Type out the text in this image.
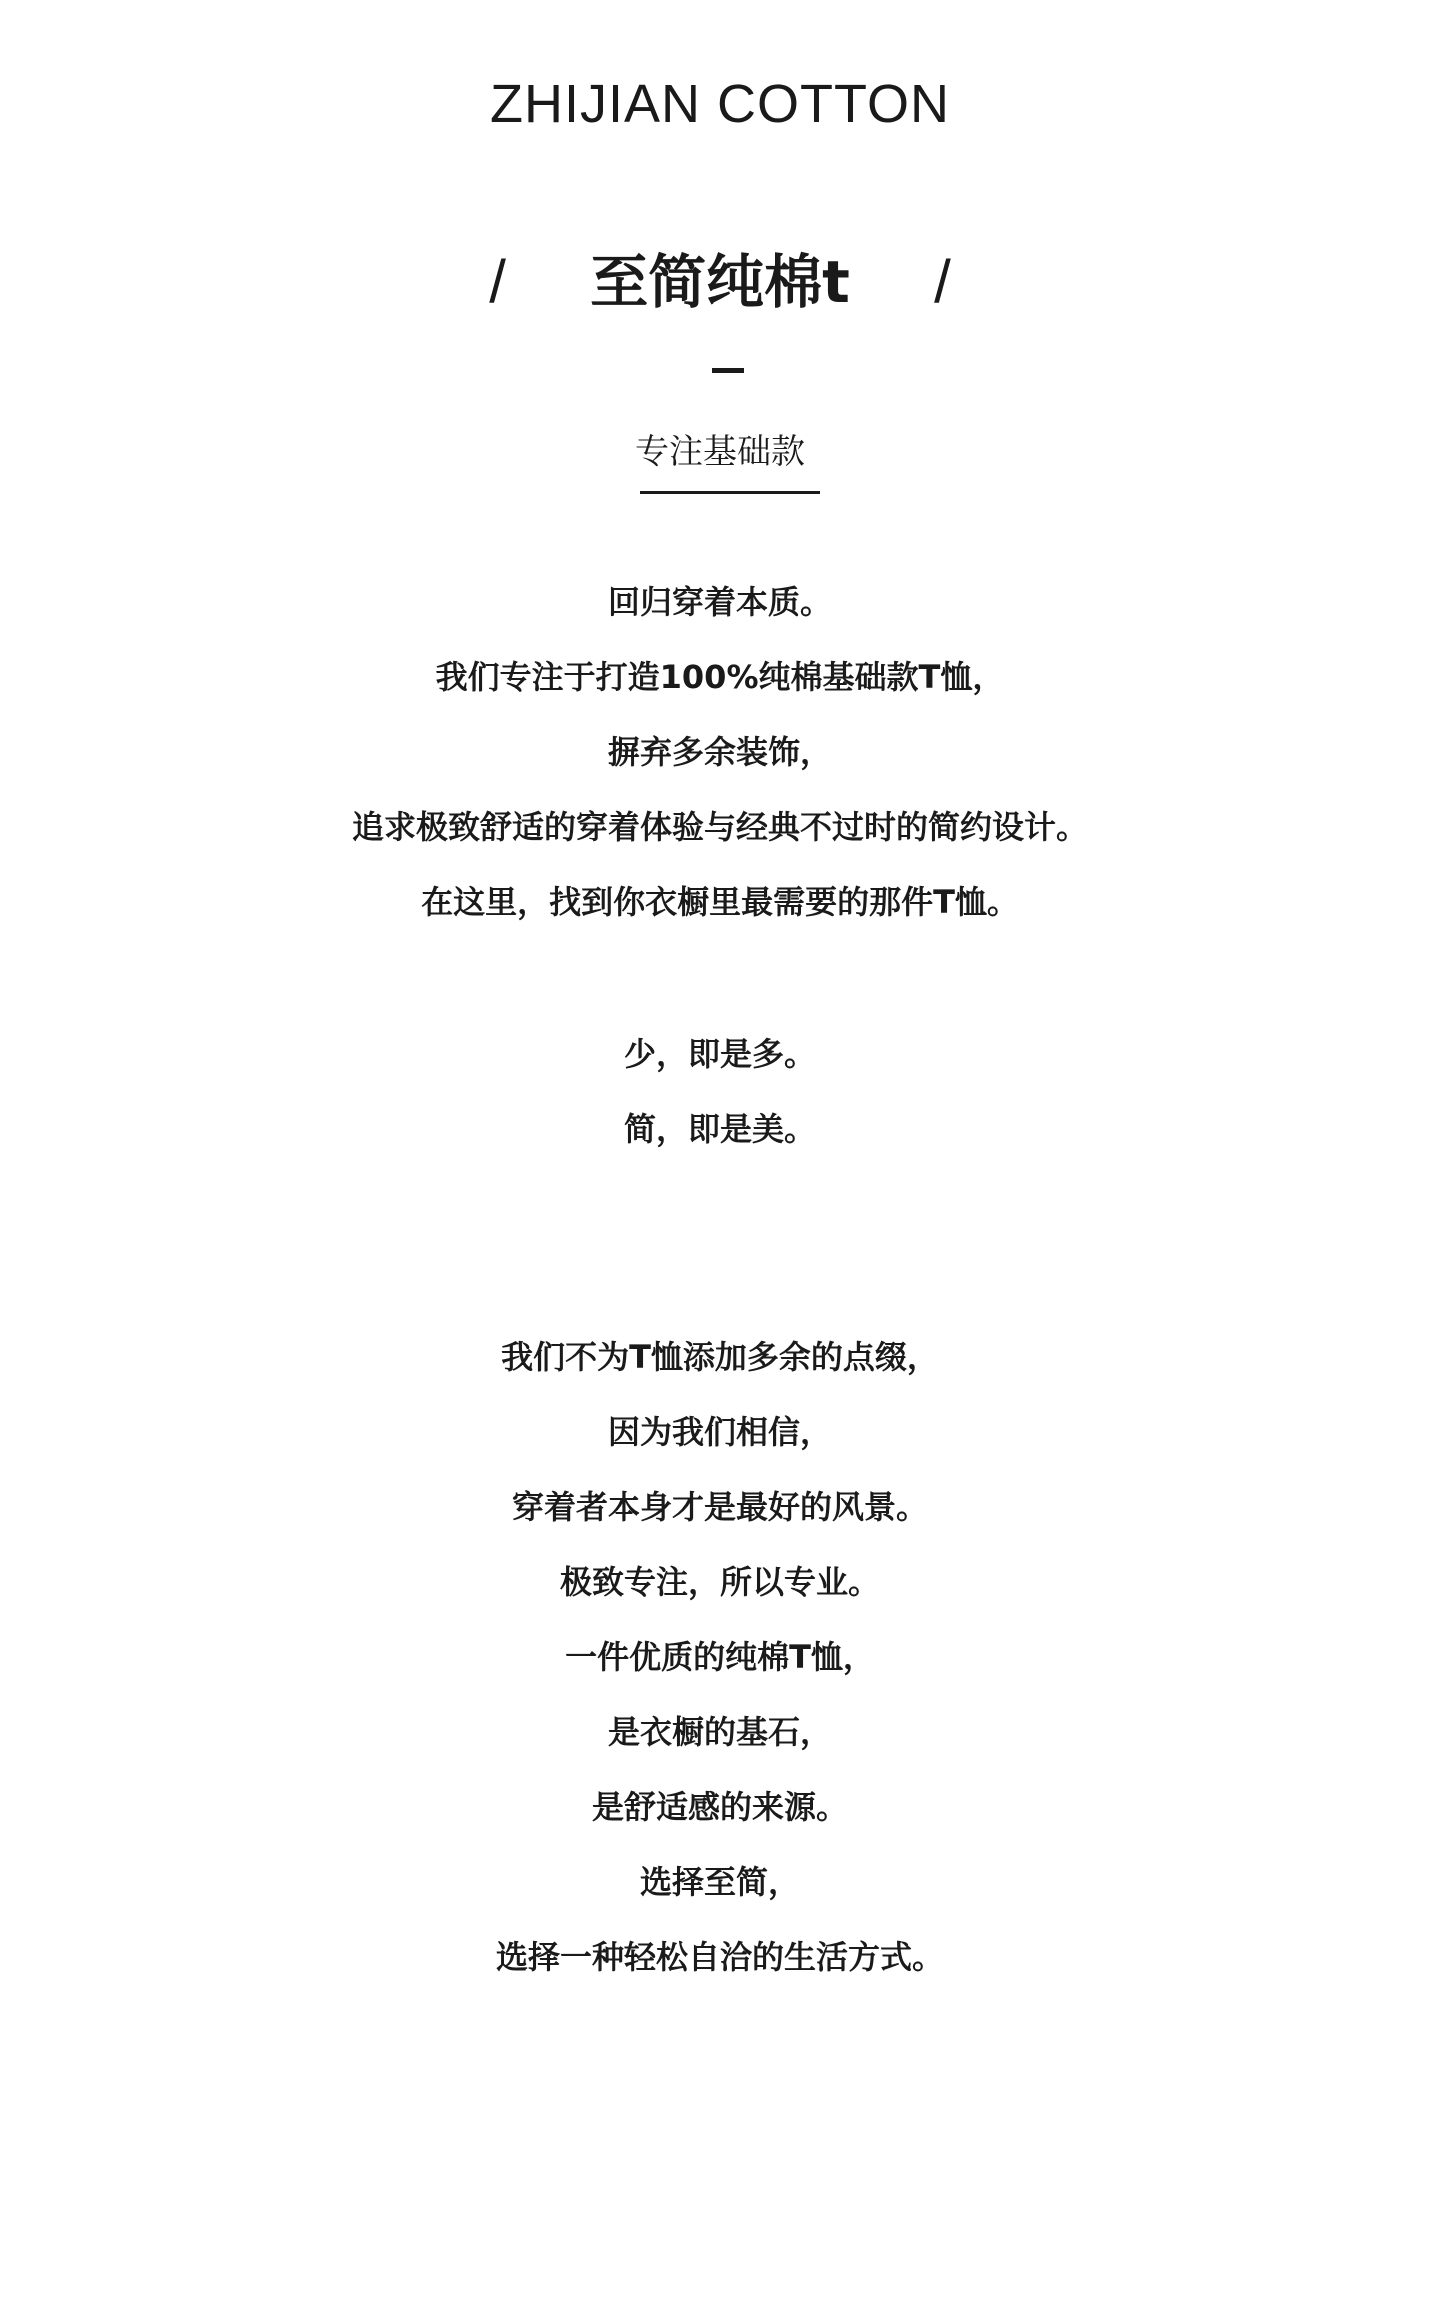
ZHIJIAN COTTON
/ 至简纯棉t /
专注基础款
回归穿着本质。
我们专注于打造100%纯棉基础款T恤，
摒弃多余装饰，
追求极致舒适的穿着体验与经典不过时的简约设计。
在这里，找到你衣橱里最需要的那件T恤。
少，即是多。
简，即是美。
我们不为T恤添加多余的点缀，
因为我们相信，
穿着者本身才是最好的风景。
极致专注，所以专业。
一件优质的纯棉T恤，
是衣橱的基石，
是舒适感的来源。
选择至简，
选择一种轻松自洽的生活方式。
